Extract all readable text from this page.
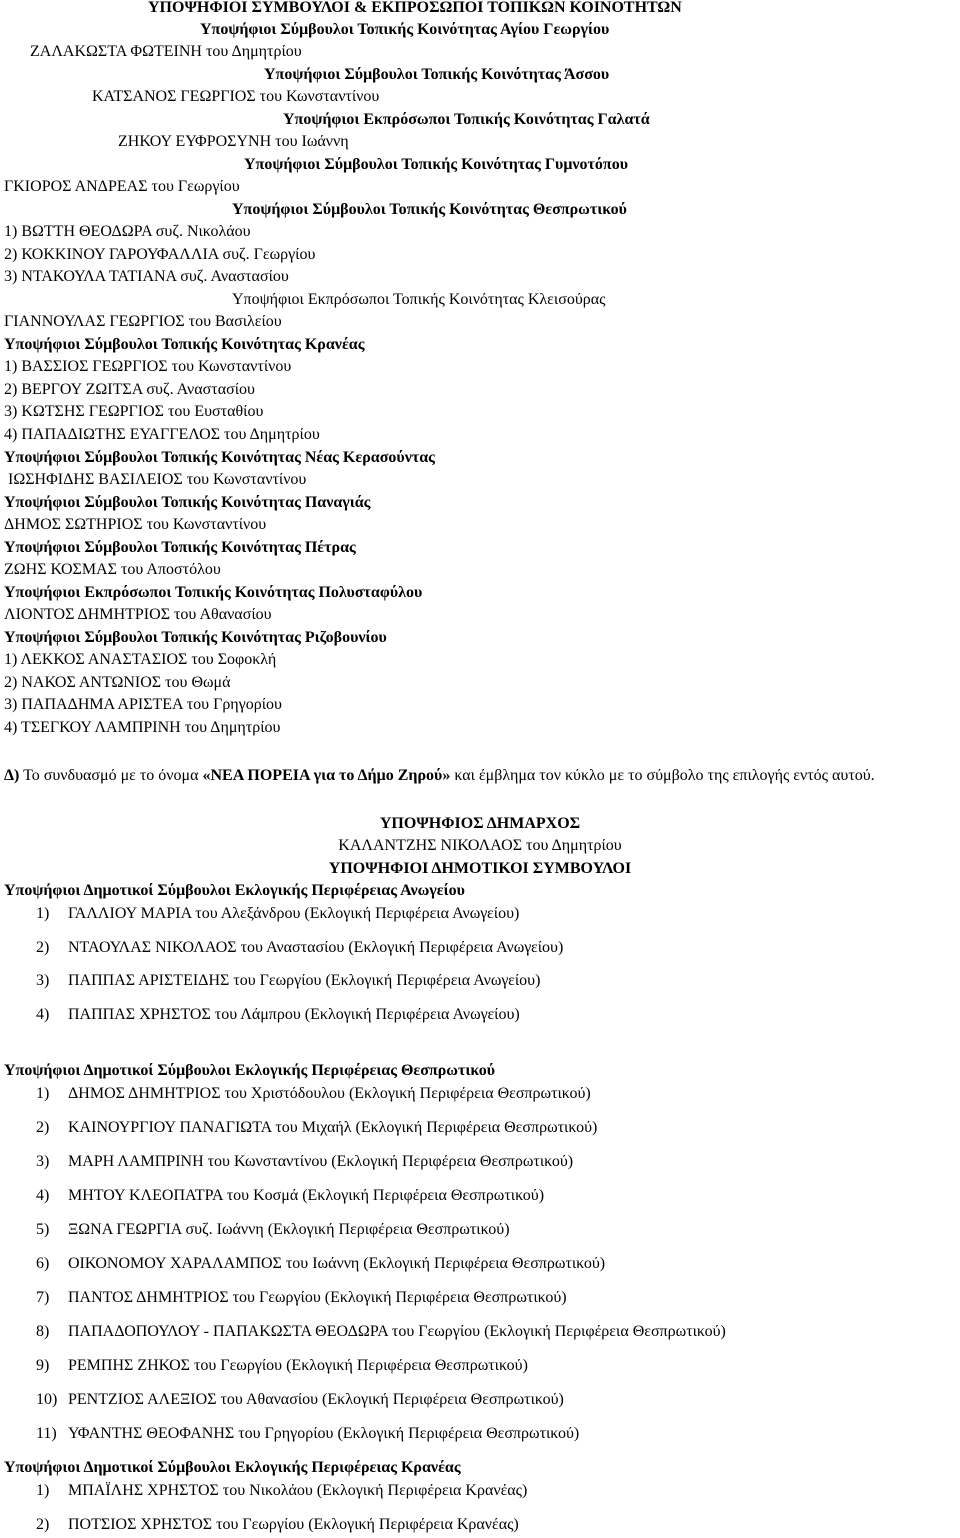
ΥΠΟΨΗΦΙΟΙ ΣΥΜΒΟΥΛΟΙ & ΕΚΠΡΟΣΩΠΟΙ ΤΟΠΙΚΩΝ ΚΟΙΝΟΤΗΤΩΝ
Υποψήφιοι Σύμβουλοι Τοπικής Κοινότητας Αγίου Γεωργίου
ΖΑΛΑΚΩΣΤΑ ΦΩΤΕΙΝΗ του Δημητρίου
Υποψήφιοι Σύμβουλοι Τοπικής Κοινότητας Άσσου
ΚΑΤΣΑΝΟΣ ΓΕΩΡΓΙΟΣ του Κωνσταντίνου
Υποψήφιοι Εκπρόσωποι Τοπικής Κοινότητας Γαλατά
ΖΗΚΟΥ ΕΥΦΡΟΣΥΝΗ του Ιωάννη
Υποψήφιοι Σύμβουλοι Τοπικής Κοινότητας Γυμνοτόπου
ΓΚΙΟΡΟΣ ΑΝΔΡΕΑΣ του Γεωργίου
Υποψήφιοι Σύμβουλοι Τοπικής Κοινότητας Θεσπρωτικού
1) ΒΩΤΤΗ ΘΕΟΔΩΡΑ συζ. Νικολάου
2) ΚΟΚΚΙΝΟΥ ΓΑΡΟΥΦΑΛΛΙΑ συζ. Γεωργίου
3) ΝΤΑΚΟΥΛΑ ΤΑΤΙΑΝΑ συζ. Αναστασίου
Υποψήφιοι Εκπρόσωποι Τοπικής Κοινότητας Κλεισούρας
ΓΙΑΝΝΟΥΛΑΣ ΓΕΩΡΓΙΟΣ του Βασιλείου
Υποψήφιοι Σύμβουλοι Τοπικής Κοινότητας Κρανέας
1) ΒΑΣΣΙΟΣ ΓΕΩΡΓΙΟΣ του Κωνσταντίνου
2) ΒΕΡΓΟΥ ΖΩΙΤΣΑ συζ. Αναστασίου
3) ΚΩΤΣΗΣ ΓΕΩΡΓΙΟΣ του Ευσταθίου
4) ΠΑΠΑΔΙΩΤΗΣ ΕΥΑΓΓΕΛΟΣ του Δημητρίου
Υποψήφιοι Σύμβουλοι Τοπικής Κοινότητας Νέας Κερασούντας
ΙΩΣΗΦΙΔΗΣ ΒΑΣΙΛΕΙΟΣ του Κωνσταντίνου
Υποψήφιοι Σύμβουλοι Τοπικής Κοινότητας Παναγιάς
ΔΗΜΟΣ ΣΩΤΗΡΙΟΣ του Κωνσταντίνου
Υποψήφιοι Σύμβουλοι Τοπικής Κοινότητας Πέτρας
ΖΩΗΣ ΚΟΣΜΑΣ του Αποστόλου
Υποψήφιοι Εκπρόσωποι Τοπικής Κοινότητας Πολυσταφύλου
ΛΙΟΝΤΟΣ ΔΗΜΗΤΡΙΟΣ του Αθανασίου
Υποψήφιοι Σύμβουλοι Τοπικής Κοινότητας Ριζοβουνίου
1) ΛΕΚΚΟΣ ΑΝΑΣΤΑΣΙΟΣ του Σοφοκλή
2) ΝΑΚΟΣ ΑΝΤΩΝΙΟΣ του Θωμά
3) ΠΑΠΑΔΗΜΑ ΑΡΙΣΤΕΑ του Γρηγορίου
4) ΤΣΕΓΚΟΥ ΛΑΜΠΡΙΝΗ του Δημητρίου
Δ) Το συνδυασμό με το όνομα «ΝΕΑ ΠΟΡΕΙΑ για το Δήμο Ζηρού» και έμβλημα τον κύκλο με το σύμβολο της επιλογής εντός αυτού.
ΥΠΟΨΗΦΙΟΣ ΔΗΜΑΡΧΟΣ
ΚΑΛΑΝΤΖΗΣ ΝΙΚΟΛΑΟΣ του Δημητρίου
ΥΠΟΨΗΦΙΟΙ ΔΗΜΟΤΙΚΟΙ ΣΥΜΒΟΥΛΟΙ
Υποψήφιοι Δημοτικοί Σύμβουλοι Εκλογικής Περιφέρειας Ανωγείου
1) ΓΑΛΛΙΟΥ ΜΑΡΙΑ του Αλεξάνδρου (Εκλογική Περιφέρεια Ανωγείου)
2) ΝΤΑΟΥΛΑΣ ΝΙΚΟΛΑΟΣ του Αναστασίου (Εκλογική Περιφέρεια Ανωγείου)
3) ΠΑΠΠΑΣ ΑΡΙΣΤΕΙΔΗΣ του Γεωργίου (Εκλογική Περιφέρεια Ανωγείου)
4) ΠΑΠΠΑΣ ΧΡΗΣΤΟΣ του Λάμπρου (Εκλογική Περιφέρεια Ανωγείου)
Υποψήφιοι Δημοτικοί Σύμβουλοι Εκλογικής Περιφέρειας Θεσπρωτικού
1) ΔΗΜΟΣ ΔΗΜΗΤΡΙΟΣ του Χριστόδουλου (Εκλογική Περιφέρεια Θεσπρωτικού)
2) ΚΑΙΝΟΥΡΓΙΟΥ ΠΑΝΑΓΙΩΤΑ του Μιχαήλ (Εκλογική Περιφέρεια Θεσπρωτικού)
3) ΜΑΡΗ ΛΑΜΠΡΙΝΗ του Κωνσταντίνου (Εκλογική Περιφέρεια Θεσπρωτικού)
4) ΜΗΤΟΥ ΚΛΕΟΠΑΤΡΑ του Κοσμά (Εκλογική Περιφέρεια Θεσπρωτικού)
5) ΞΩΝΑ ΓΕΩΡΓΙΑ συζ. Ιωάννη (Εκλογική Περιφέρεια Θεσπρωτικού)
6) ΟΙΚΟΝΟΜΟΥ ΧΑΡΑΛΑΜΠΟΣ του Ιωάννη (Εκλογική Περιφέρεια Θεσπρωτικού)
7) ΠΑΝΤΟΣ ΔΗΜΗΤΡΙΟΣ του Γεωργίου (Εκλογική Περιφέρεια Θεσπρωτικού)
8) ΠΑΠΑΔΟΠΟΥΛΟΥ - ΠΑΠΑΚΩΣΤΑ ΘΕΟΔΩΡΑ του Γεωργίου (Εκλογική Περιφέρεια Θεσπρωτικού)
9) ΡΕΜΠΗΣ ΖΗΚΟΣ του Γεωργίου (Εκλογική Περιφέρεια Θεσπρωτικού)
10) ΡΕΝΤΖΙΟΣ ΑΛΕΞΙΟΣ του Αθανασίου (Εκλογική Περιφέρεια Θεσπρωτικού)
11) ΥΦΑΝΤΗΣ ΘΕΟΦΑΝΗΣ του Γρηγορίου (Εκλογική Περιφέρεια Θεσπρωτικού)
Υποψήφιοι Δημοτικοί Σύμβουλοι Εκλογικής Περιφέρειας Κρανέας
1) ΜΠΑΪΛΗΣ ΧΡΗΣΤΟΣ του Νικολάου (Εκλογική Περιφέρεια Κρανέας)
2) ΠΟΤΣΙΟΣ ΧΡΗΣΤΟΣ του Γεωργίου (Εκλογική Περιφέρεια Κρανέας)
